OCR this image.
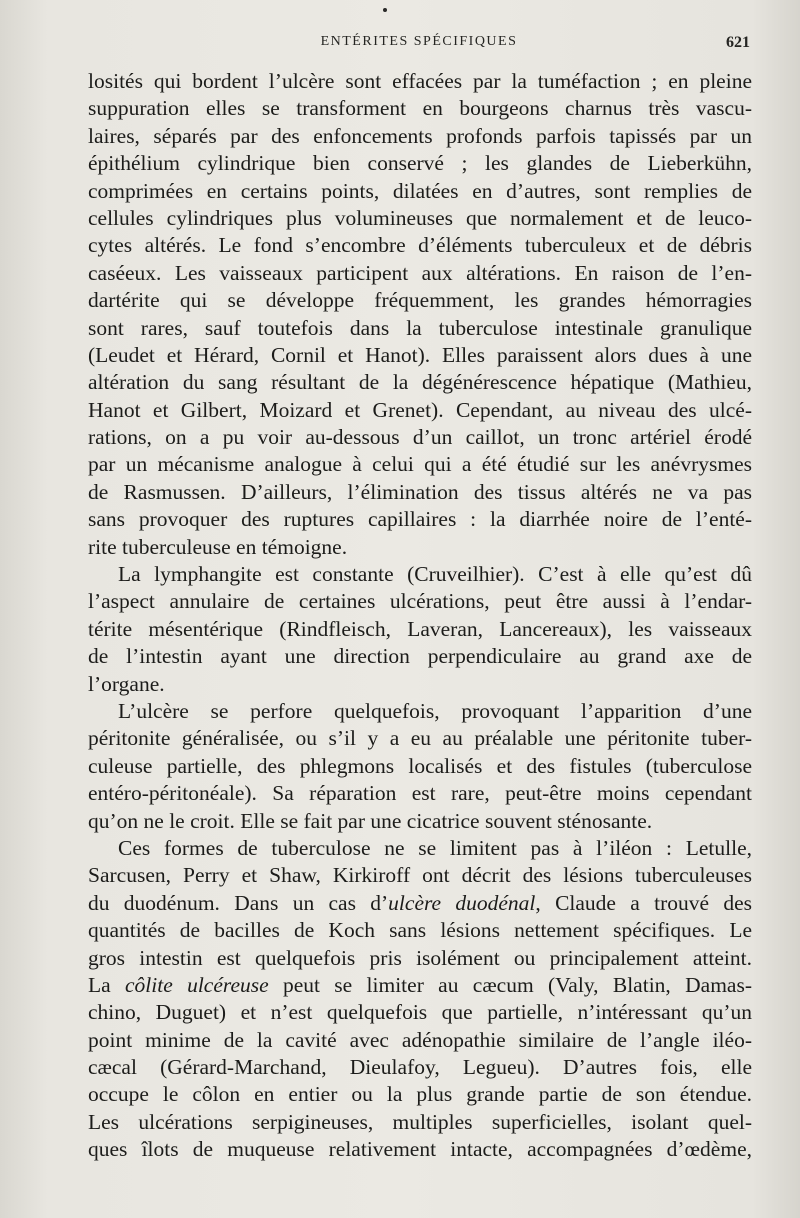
ENTÉRITES SPÉCIFIQUES	621
losités qui bordent l’ulcère sont effacées par la tuméfaction ; en pleine
suppuration elles se transforment en bourgeons charnus très vascu-
laires, séparés par des enfoncements profonds parfois tapissés par un
épithélium cylindrique bien conservé ; les glandes de Lieberkühn,
comprimées en certains points, dilatées en d’autres, sont remplies de
cellules cylindriques plus volumineuses que normalement et de leuco-
cytes altérés. Le fond s’encombre d’éléments tuberculeux et de débris
caséeux. Les vaisseaux participent aux altérations. En raison de l’en-
dartérite qui se développe fréquemment, les grandes hémorragies
sont rares, sauf toutefois dans la tuberculose intestinale granulique
(Leudet et Hérard, Cornil et Hanot). Elles paraissent alors dues à une
altération du sang résultant de la dégénérescence hépatique (Mathieu,
Hanot et Gilbert, Moizard et Grenet). Cependant, au niveau des ulcé-
rations, on a pu voir au-dessous d’un caillot, un tronc artériel érodé
par un mécanisme analogue à celui qui a été étudié sur les anévrysmes
de Rasmussen. D’ailleurs, l’élimination des tissus altérés ne va pas
sans provoquer des ruptures capillaires : la diarrhée noire de l’enté-
rite tuberculeuse en témoigne.
La lymphangite est constante (Cruveilhier). C’est à elle qu’est dû
l’aspect annulaire de certaines ulcérations, peut être aussi à l’endar-
térite mésentérique (Rindfleisch, Laveran, Lancereaux), les vaisseaux
de l’intestin ayant une direction perpendiculaire au grand axe de
l’organe.
L’ulcère se perfore quelquefois, provoquant l’apparition d’une
péritonite généralisée, ou s’il y a eu au préalable une péritonite tuber-
culeuse partielle, des phlegmons localisés et des fistules (tuberculose
entéro-péritonéale). Sa réparation est rare, peut-être moins cependant
qu’on ne le croit. Elle se fait par une cicatrice souvent sténosante.
Ces formes de tuberculose ne se limitent pas à l’iléon : Letulle,
Sarcusen, Perry et Shaw, Kirkiroff ont décrit des lésions tuberculeuses
du duodénum. Dans un cas d’ulcère duodénal, Claude a trouvé des
quantités de bacilles de Koch sans lésions nettement spécifiques. Le
gros intestin est quelquefois pris isolément ou principalement atteint.
La côlite ulcéreuse peut se limiter au cæcum (Valy, Blatin, Damas-
chino, Duguet) et n’est quelquefois que partielle, n’intéressant qu’un
point minime de la cavité avec adénopathie similaire de l’angle iléo-
cæcal (Gérard-Marchand, Dieulafoy, Legueu). D’autres fois, elle
occupe le côlon en entier ou la plus grande partie de son étendue.
Les ulcérations serpigineuses, multiples superficielles, isolant quel-
ques îlots de muqueuse relativement intacte, accompagnées d’œdème,
